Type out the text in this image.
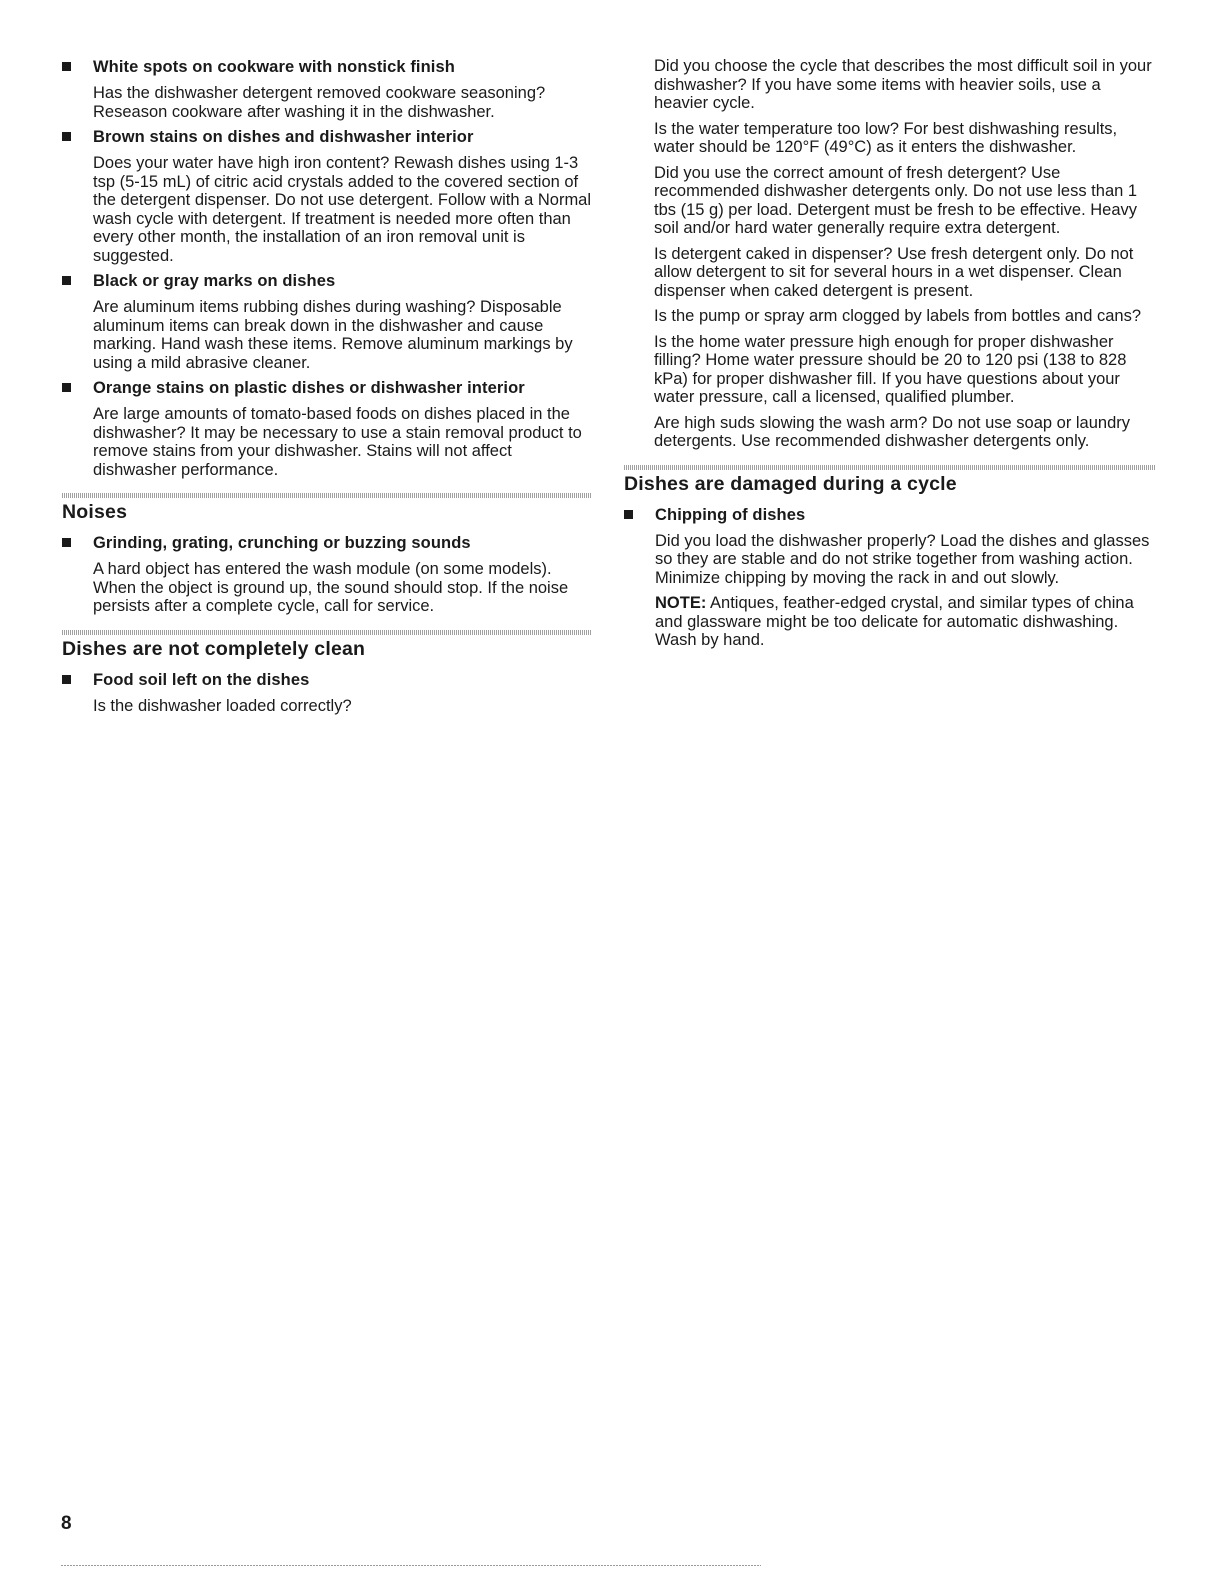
White spots on cookware with nonstick finish

Has the dishwasher detergent removed cookware seasoning? Reseason cookware after washing it in the dishwasher.

Brown stains on dishes and dishwasher interior

Does your water have high iron content? Rewash dishes using 1-3 tsp (5-15 mL) of citric acid crystals added to the covered section of the detergent dispenser. Do not use detergent. Follow with a Normal wash cycle with detergent. If treatment is needed more often than every other month, the installation of an iron removal unit is suggested.

Black or gray marks on dishes

Are aluminum items rubbing dishes during washing? Disposable aluminum items can break down in the dishwasher and cause marking. Hand wash these items. Remove aluminum markings by using a mild abrasive cleaner.

Orange stains on plastic dishes or dishwasher interior

Are large amounts of tomato-based foods on dishes placed in the dishwasher? It may be necessary to use a stain removal product to remove stains from your dishwasher. Stains will not affect dishwasher performance.

Noises
Grinding, grating, crunching or buzzing sounds

A hard object has entered the wash module (on some models). When the object is ground up, the sound should stop. If the noise persists after a complete cycle, call for service.

Dishes are not completely clean
Food soil left on the dishes

Is the dishwasher loaded correctly?

Did you choose the cycle that describes the most difficult soil in your dishwasher? If you have some items with heavier soils, use a heavier cycle.

Is the water temperature too low? For best dishwashing results, water should be 120°F (49°C) as it enters the dishwasher.

Did you use the correct amount of fresh detergent? Use recommended dishwasher detergents only. Do not use less than 1 tbs (15 g) per load. Detergent must be fresh to be effective. Heavy soil and/or hard water generally require extra detergent.

Is detergent caked in dispenser? Use fresh detergent only. Do not allow detergent to sit for several hours in a wet dispenser. Clean dispenser when caked detergent is present.

Is the pump or spray arm clogged by labels from bottles and cans?

Is the home water pressure high enough for proper dishwasher filling? Home water pressure should be 20 to 120 psi (138 to 828 kPa) for proper dishwasher fill. If you have questions about your water pressure, call a licensed, qualified plumber.

Are high suds slowing the wash arm? Do not use soap or laundry detergents. Use recommended dishwasher detergents only.

Dishes are damaged during a cycle
Chipping of dishes

Did you load the dishwasher properly? Load the dishes and glasses so they are stable and do not strike together from washing action. Minimize chipping by moving the rack in and out slowly.

NOTE: Antiques, feather-edged crystal, and similar types of china and glassware might be too delicate for automatic dishwashing. Wash by hand.

8
